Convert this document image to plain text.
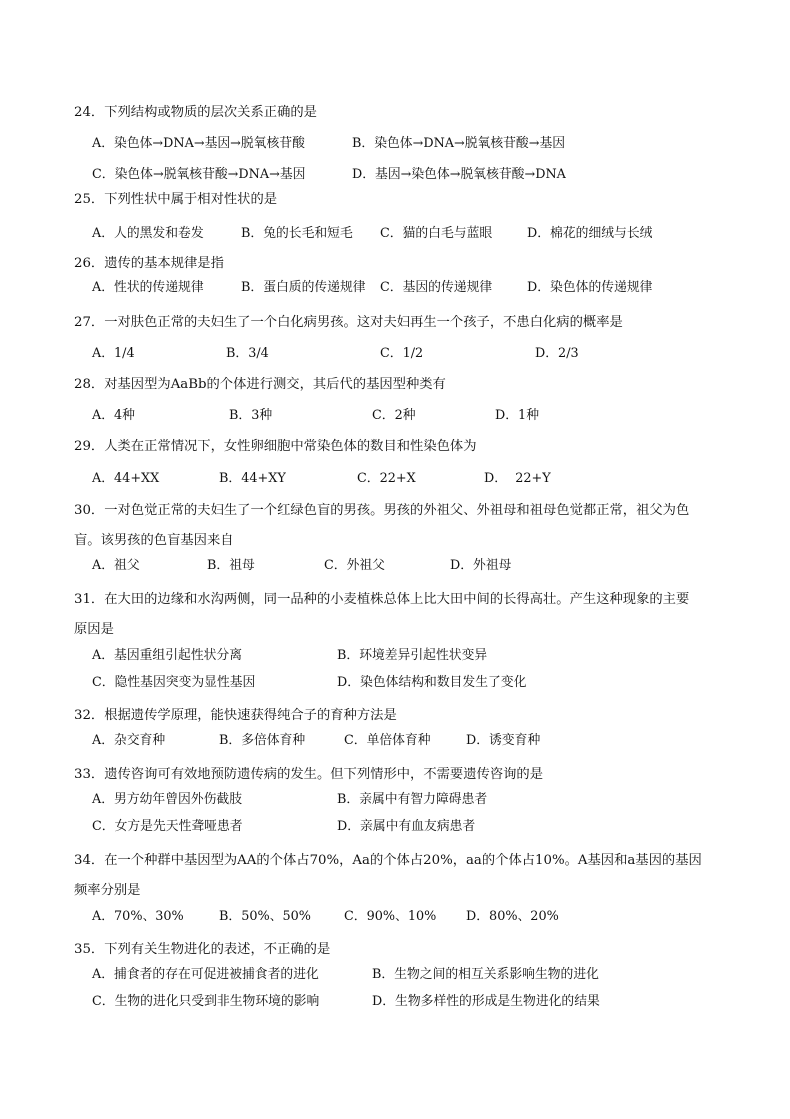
24．下列结构或物质的层次关系正确的是
A．染色体→DNA→基因→脱氧核苷酸	B．染色体→DNA→脱氧核苷酸→基因
C．染色体→脱氧核苷酸→DNA→基因	D．基因→染色体→脱氧核苷酸→DNA
25．下列性状中属于相对性状的是
A．人的黑发和卷发	B．兔的长毛和短毛 C．猫的白毛与蓝眼	D．棉花的细绒与长绒
26．遗传的基本规律是指
A．性状的传递规律	B．蛋白质的传递规律 C．基因的传递规律	D．染色体的传递规律
27．一对肤色正常的夫妇生了一个白化病男孩。这对夫妇再生一个孩子，不患白化病的概率是
A．1/4	B．3/4	C．1/2	D．2/3
28．对基因型为AaBb的个体进行测交，其后代的基因型种类有
A．4种	B．3种	C．2种	D．1种
29．人类在正常情况下，女性卵细胞中常染色体的数目和性染色体为
A．44+XX	B．44+XY	C．22+X	D．  22+Y
30．一对色觉正常的夫妇生了一个红绿色盲的男孩。男孩的外祖父、外祖母和祖母色觉都正常，祖父为色
盲。该男孩的色盲基因来自
A．祖父	B．祖母	C．外祖父	D．外祖母
31．在大田的边缘和水沟两侧，同一品种的小麦植株总体上比大田中间的长得高壮。产生这种现象的主要
原因是
A．基因重组引起性状分离	B．环境差异引起性状变异
C．隐性基因突变为显性基因	D．染色体结构和数目发生了变化
32．根据遗传学原理，能快速获得纯合子的育种方法是
A．杂交育种	B．多倍体育种	C．单倍体育种	D．诱变育种
33．遗传咨询可有效地预防遗传病的发生。但下列情形中，不需要遗传咨询的是
A．男方幼年曾因外伤截肢	B．亲属中有智力障碍患者
C．女方是先天性聋哑患者	D．亲属中有血友病患者
34．在一个种群中基因型为AA的个体占70%，Aa的个体占20%，aa的个体占10%。A基因和a基因的基因
频率分别是
A．70%、30%	B．50%、50%	C．90%、10% D．80%、20%
35．下列有关生物进化的表述，不正确的是
A．捕食者的存在可促进被捕食者的进化	B．生物之间的相互关系影响生物的进化
C．生物的进化只受到非生物环境的影响	D．生物多样性的形成是生物进化的结果
